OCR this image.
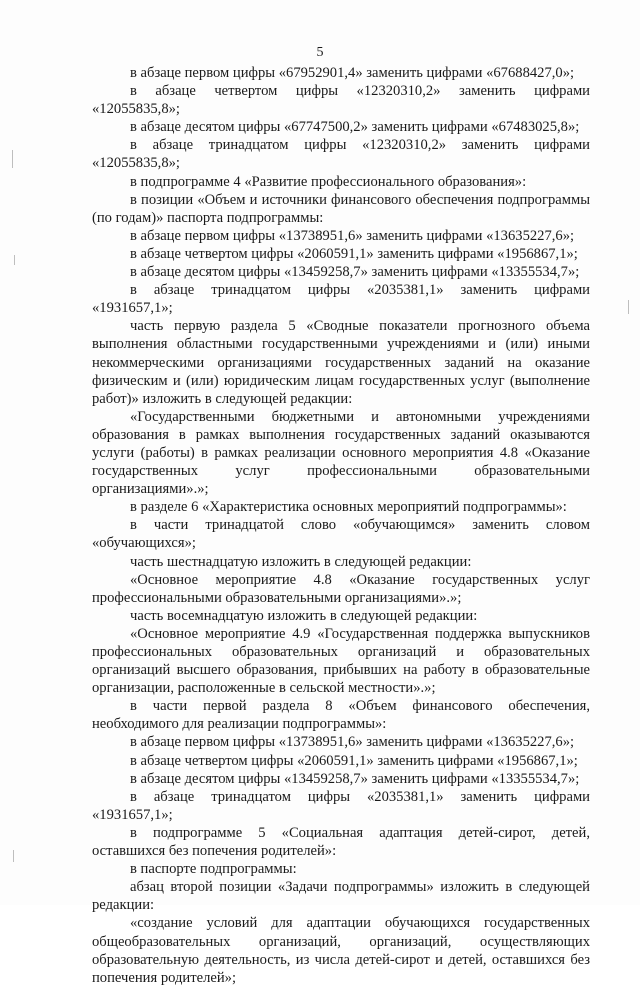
5

в абзаце первом цифры «67952901,4» заменить цифрами «67688427,0»;

в абзаце четвертом цифры «12320310,2» заменить цифрами «12055835,8»;

в абзаце десятом цифры «67747500,2» заменить цифрами «67483025,8»;

в абзаце тринадцатом цифры «12320310,2» заменить цифрами «12055835,8»;

в подпрограмме 4 «Развитие профессионального образования»:

в позиции «Объем и источники финансового обеспечения подпрограммы (по годам)» паспорта подпрограммы:

в абзаце первом цифры «13738951,6» заменить цифрами «13635227,6»;

в абзаце четвертом цифры «2060591,1» заменить цифрами «1956867,1»;

в абзаце десятом цифры «13459258,7» заменить цифрами «13355534,7»;

в абзаце тринадцатом цифры «2035381,1» заменить цифрами «1931657,1»;

часть первую раздела 5 «Сводные показатели прогнозного объема выполнения областными государственными учреждениями и (или) иными некоммерческими организациями государственных заданий на оказание физическим и (или) юридическим лицам государственных услуг (выполнение работ)» изложить в следующей редакции:

«Государственными бюджетными и автономными учреждениями образования в рамках выполнения государственных заданий оказываются услуги (работы) в рамках реализации основного мероприятия 4.8 «Оказание государственных услуг профессиональными образовательными организациями».»;

в разделе 6 «Характеристика основных мероприятий подпрограммы»:

в части тринадцатой слово «обучающимся» заменить словом «обучающихся»;

часть шестнадцатую изложить в следующей редакции:

«Основное мероприятие 4.8 «Оказание государственных услуг профессиональными образовательными организациями».»;

часть восемнадцатую изложить в следующей редакции:

«Основное мероприятие 4.9 «Государственная поддержка выпускников профессиональных образовательных организаций и образовательных организаций высшего образования, прибывших на работу в образовательные организации, расположенные в сельской местности».»;

в части первой раздела 8 «Объем финансового обеспечения, необходимого для реализации подпрограммы»:

в абзаце первом цифры «13738951,6» заменить цифрами «13635227,6»;

в абзаце четвертом цифры «2060591,1» заменить цифрами «1956867,1»;

в абзаце десятом цифры «13459258,7» заменить цифрами «13355534,7»;

в абзаце тринадцатом цифры «2035381,1» заменить цифрами «1931657,1»;

в подпрограмме 5 «Социальная адаптация детей-сирот, детей, оставшихся без попечения родителей»:

в паспорте подпрограммы:

абзац второй позиции «Задачи подпрограммы» изложить в следующей редакции:

«создание условий для адаптации обучающихся государственных общеобразовательных организаций, организаций, осуществляющих образовательную деятельность, из числа детей-сирот и детей, оставшихся без попечения родителей»;
